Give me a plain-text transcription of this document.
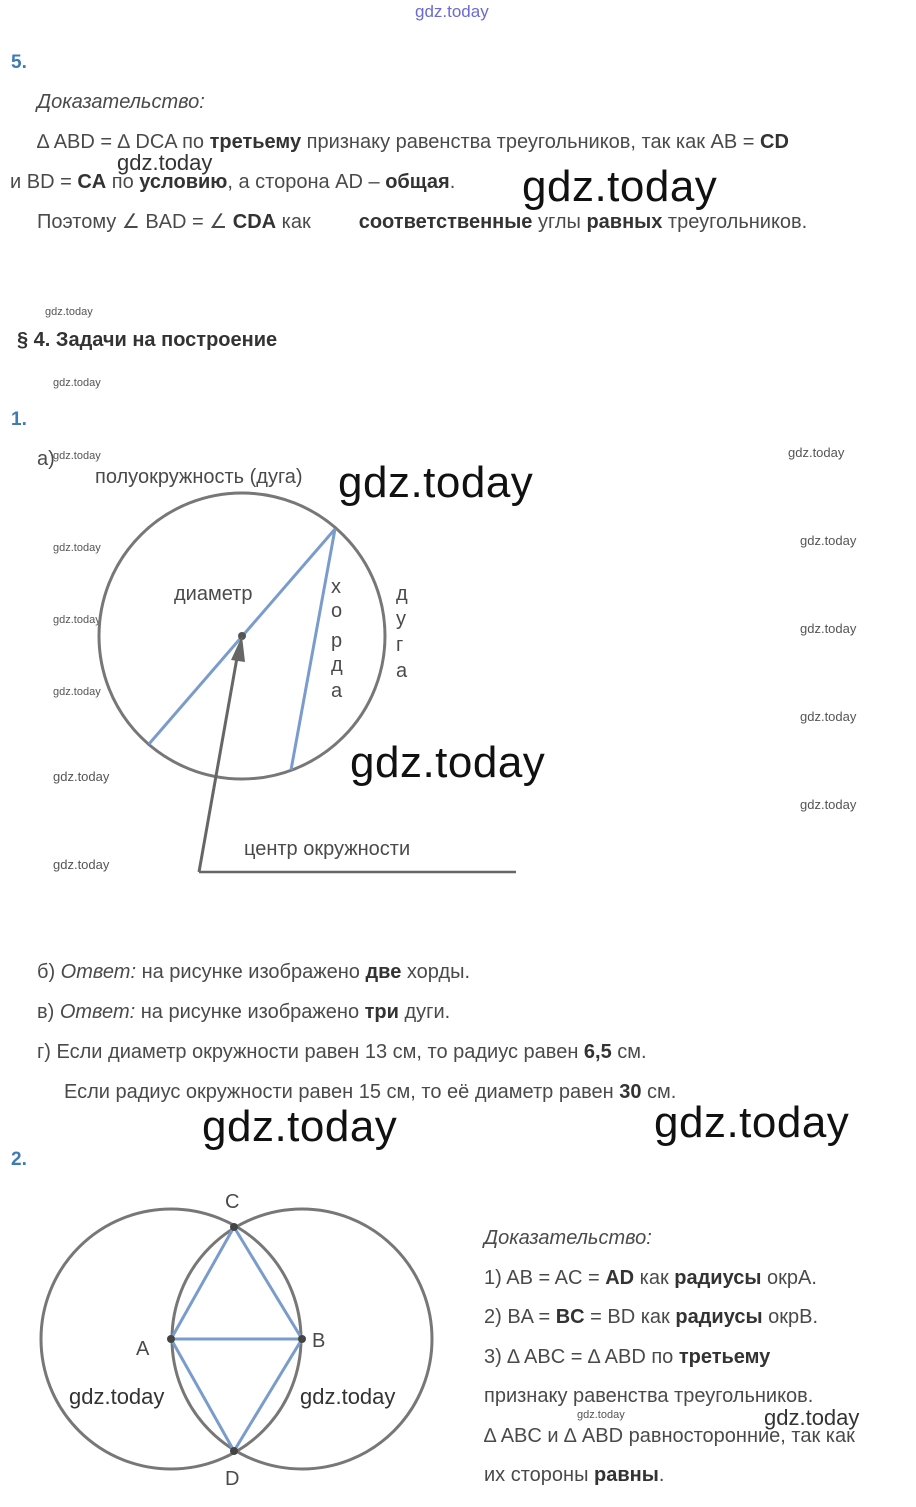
gdz.today
5.
Доказательство:
∆ ABD = ∆ DCA по третьему признаку равенства треугольников, так как AB = CD
gdz.today
и BD = CA по условию, а сторона AD – общая. gdz.today
Поэтому ∠ BAD = ∠ CDA как соответственные углы равных треугольников.
gdz.today
§ 4. Задачи на построение
gdz.today
1.
а)
gdz.today	gdz.today
gdz.today
gdz.today
gdz.today
gdz.today
gdz.today
gdz.today
gdz.today
gdz.today
gdz.today
полуокружность (дуга) gdz.today
диаметр	х
о
р
д
а
д
у
г
а
gdz.today
центр окружности
б) Ответ: на рисунке изображено две хорды.
в) Ответ: на рисунке изображено три дуги.
г) Если диаметр окружности равен 13 см, то радиус равен 6,5 см.
Если радиус окружности равен 15 см, то её диаметр равен 30 см.
gdz.today	gdz.today
2.
C
A	B
D
gdz.today	gdz.today
Доказательство:
1) AB = AC = AD как радиусы окрA.
2) BA = BC = BD как радиусы окрB.
3) ∆ ABC = ∆ ABD по третьему
признаку равенства треугольников.
gdz.today	gdz.today
∆ ABC и ∆ ABD равносторонние, так как
их стороны равны.
